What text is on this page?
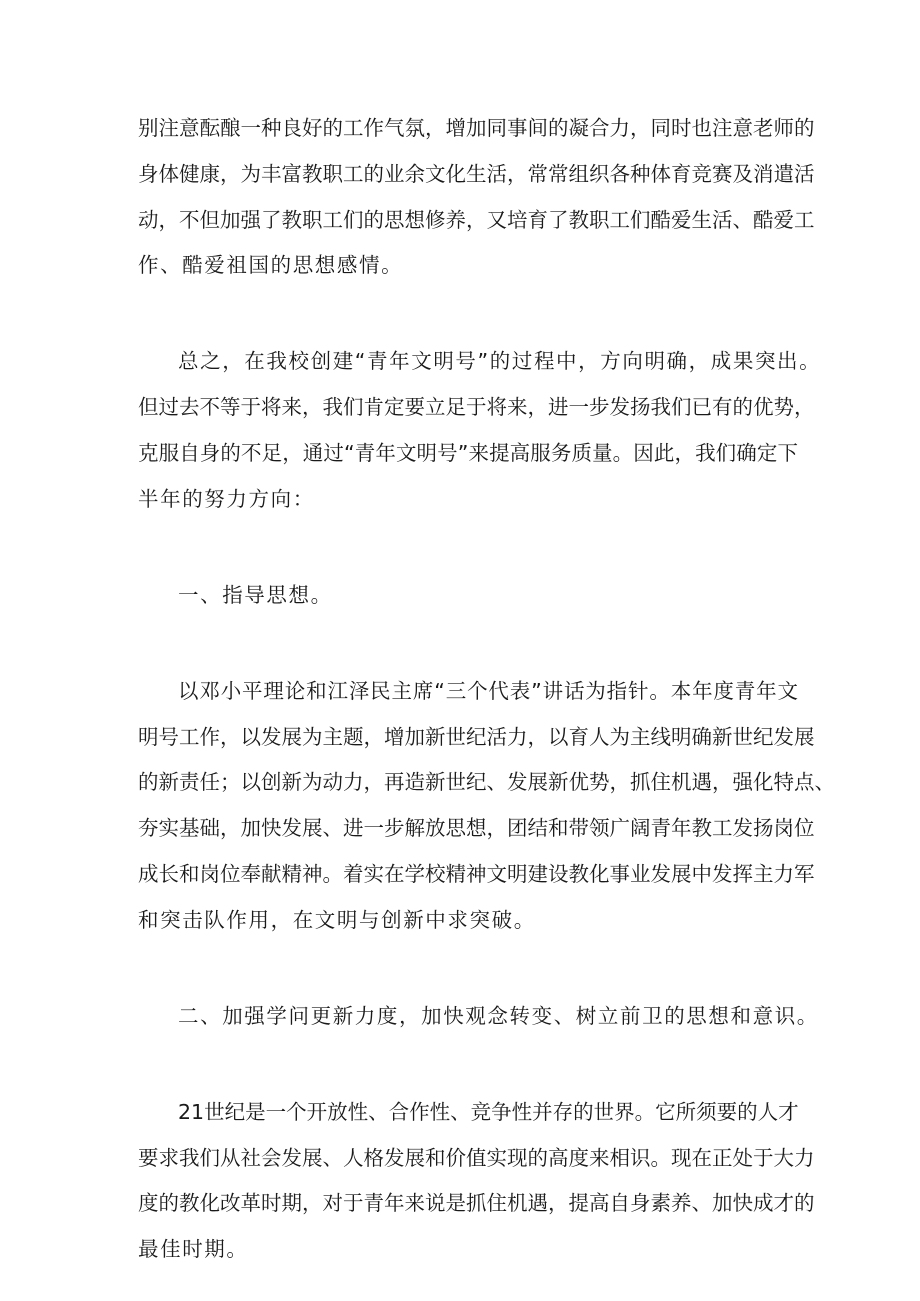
别注意酝酿一种良好的工作气氛，增加同事间的凝合力，同时也注意老师的
身体健康，为丰富教职工的业余文化生活，常常组织各种体育竞赛及消遣活
动，不但加强了教职工们的思想修养，又培育了教职工们酷爱生活、酷爱工
作、酷爱祖国的思想感情。
总之，在我校创建“青年文明号”的过程中，方向明确，成果突出。
但过去不等于将来，我们肯定要立足于将来，进一步发扬我们已有的优势，
克服自身的不足，通过“青年文明号”来提高服务质量。因此，我们确定下
半年的努力方向：
一、指导思想。
以邓小平理论和江泽民主席“三个代表”讲话为指针。本年度青年文
明号工作，以发展为主题，增加新世纪活力，以育人为主线明确新世纪发展
的新责任；以创新为动力，再造新世纪、发展新优势，抓住机遇，强化特点、
夯实基础，加快发展、进一步解放思想，团结和带领广阔青年教工发扬岗位
成长和岗位奉献精神。着实在学校精神文明建设教化事业发展中发挥主力军
和突击队作用，在文明与创新中求突破。
二、加强学问更新力度，加快观念转变、树立前卫的思想和意识。
21世纪是一个开放性、合作性、竞争性并存的世界。它所须要的人才
要求我们从社会发展、人格发展和价值实现的高度来相识。现在正处于大力
度的教化改革时期，对于青年来说是抓住机遇，提高自身素养、加快成才的
最佳时期。
